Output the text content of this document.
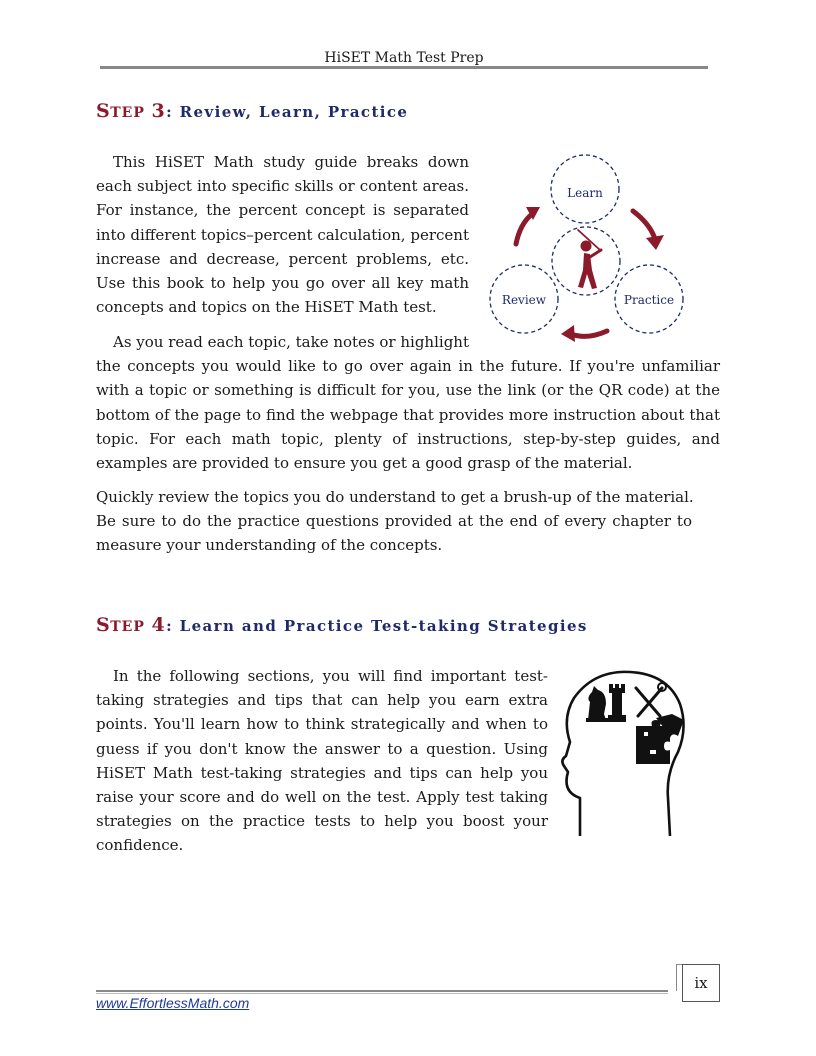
HiSET Math Test Prep
STEP 3: Review, Learn, Practice

This HiSET Math study guide breaks down each subject into specific skills or content areas. For instance, the percent concept is separated into different topics–percent calculation, percent increase and decrease, percent problems, etc. Use this book to help you go over all key math concepts and topics on the HiSET Math test.

Learn
Review	Practice

As you read each topic, take notes or highlight

the concepts you would like to go over again in the future. If you're unfamiliar with a topic or something is difficult for you, use the link (or the QR code) at the bottom of the page to find the webpage that provides more instruction about that topic. For each math topic, plenty of instructions, step-by-step guides, and examples are provided to ensure you get a good grasp of the material.

Quickly review the topics you do understand to get a brush-up of the material.

Be sure to do the practice questions provided at the end of every chapter to measure your understanding of the concepts.

STEP 4: Learn and Practice Test-taking Strategies

In the following sections, you will find important test-taking strategies and tips that can help you earn extra points. You'll learn how to think strategically and when to guess if you don't know the answer to a question. Using HiSET Math test-taking strategies and tips can help you raise your score and do well on the test. Apply test taking strategies on the practice tests to help you boost your confidence.

ix
www.EffortlessMath.com
